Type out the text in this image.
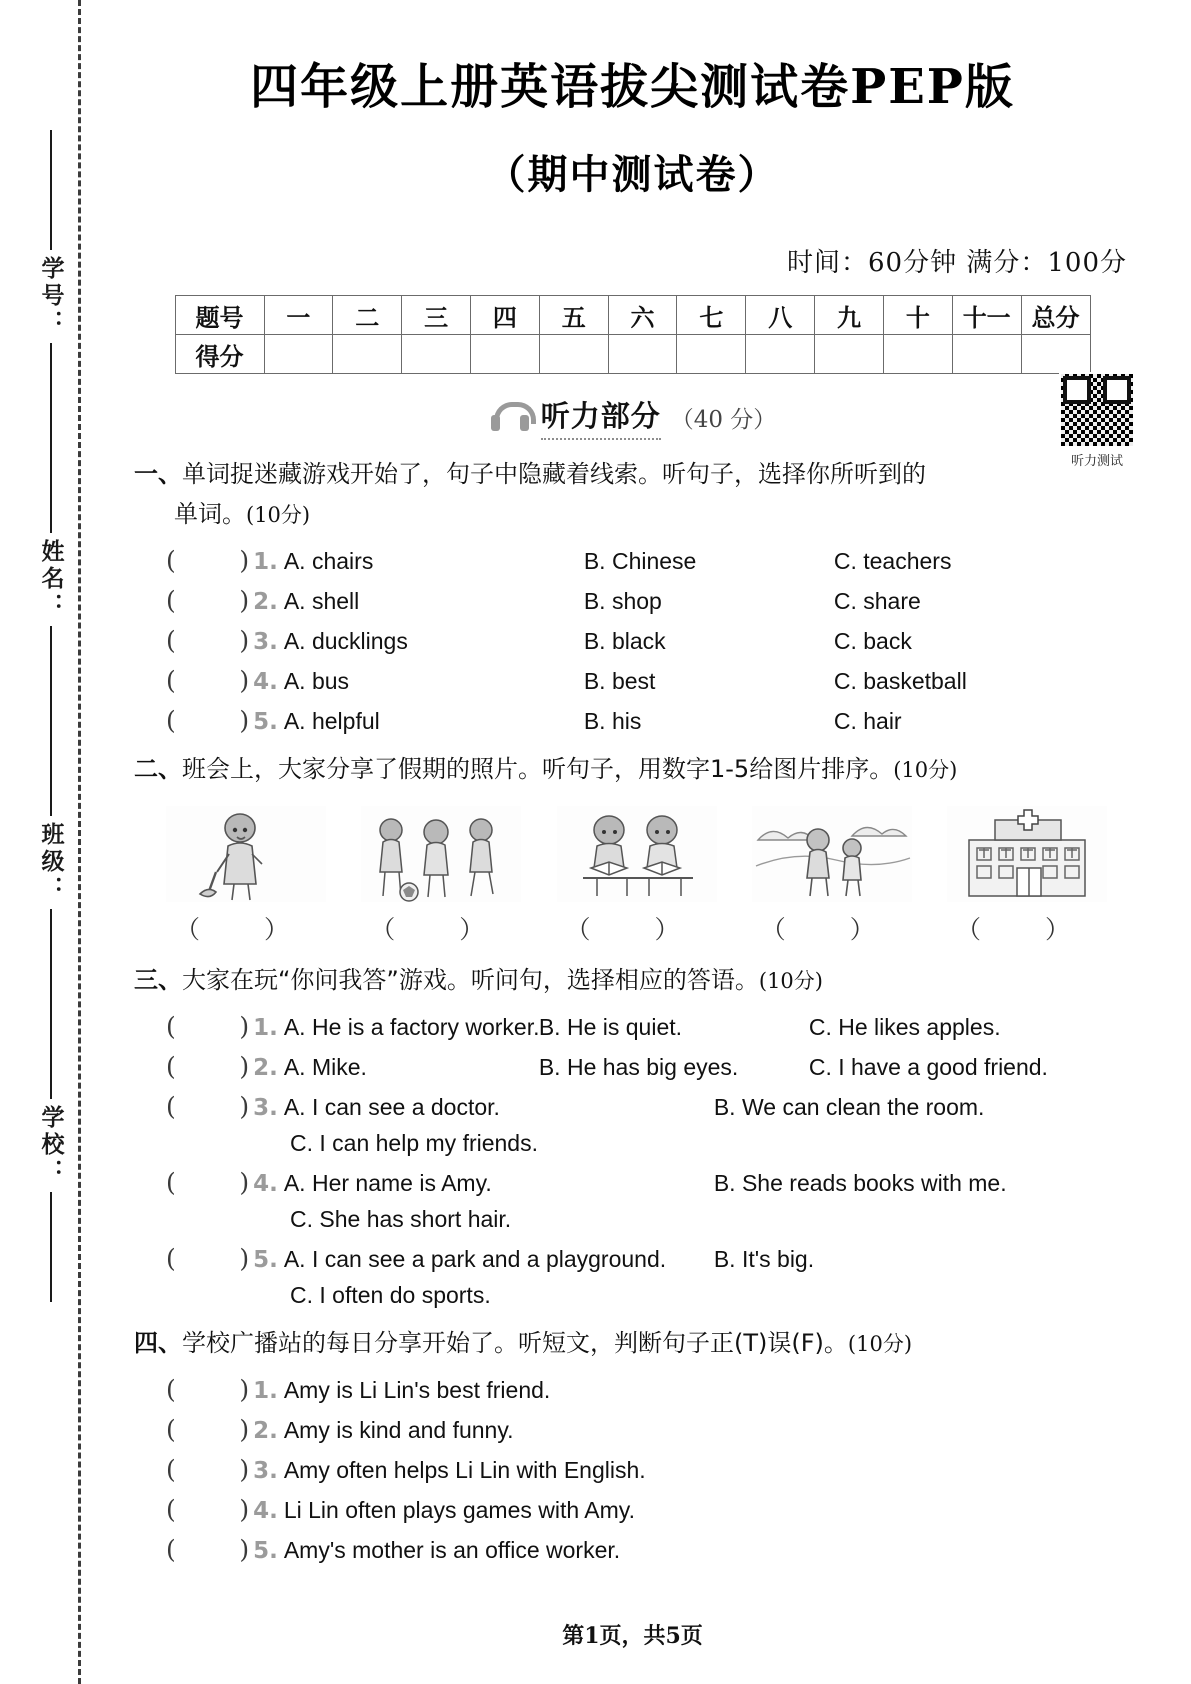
学号：
姓名：
班级：
学校：
四年级上册英语拔尖测试卷PEP版
（期中测试卷）
时间：60分钟 满分：100分
题号	一	二	三	四	五	六	七	八	九	十	十一	总分
得分												
听力部分 （40 分）
听力测试
一、单词捉迷藏游戏开始了，句子中隐藏着线索。听句子，选择你所听到的
单词。(10分)
(        ) 1. A. chairs	B. Chinese	C. teachers
(        ) 2. A. shell	B. shop	C. share
(        ) 3. A. ducklings	B. black	C. back
(        ) 4. A. bus	B. best	C. basketball
(        ) 5. A. helpful	B. his	C. hair
二、班会上，大家分享了假期的照片。听句子，用数字1-5给图片排序。(10分)
（ ）	（ ）	（ ）	（ ）	（ ）
三、大家在玩“你问我答”游戏。听问句，选择相应的答语。(10分)
(        ) 1. A. He is a factory worker. B. He is quiet.	C. He likes apples.
(        ) 2. A. Mike.	B. He has big eyes.	C. I have a good friend.
(        ) 3. A. I can see a doctor.	B. We can clean the room.
C. I can help my friends.
(        ) 4. A. Her name is Amy.	B. She reads books with me.
C. She has short hair.
(        ) 5. A. I can see a park and a playground.	B. It's big.
C. I often do sports.
四、学校广播站的每日分享开始了。听短文，判断句子正(T)误(F)。(10分)
(        ) 1. Amy is Li Lin's best friend.
(        ) 2. Amy is kind and funny.
(        ) 3. Amy often helps Li Lin with English.
(        ) 4. Li Lin often plays games with Amy.
(        ) 5. Amy's mother is an office worker.
第1页，共5页
